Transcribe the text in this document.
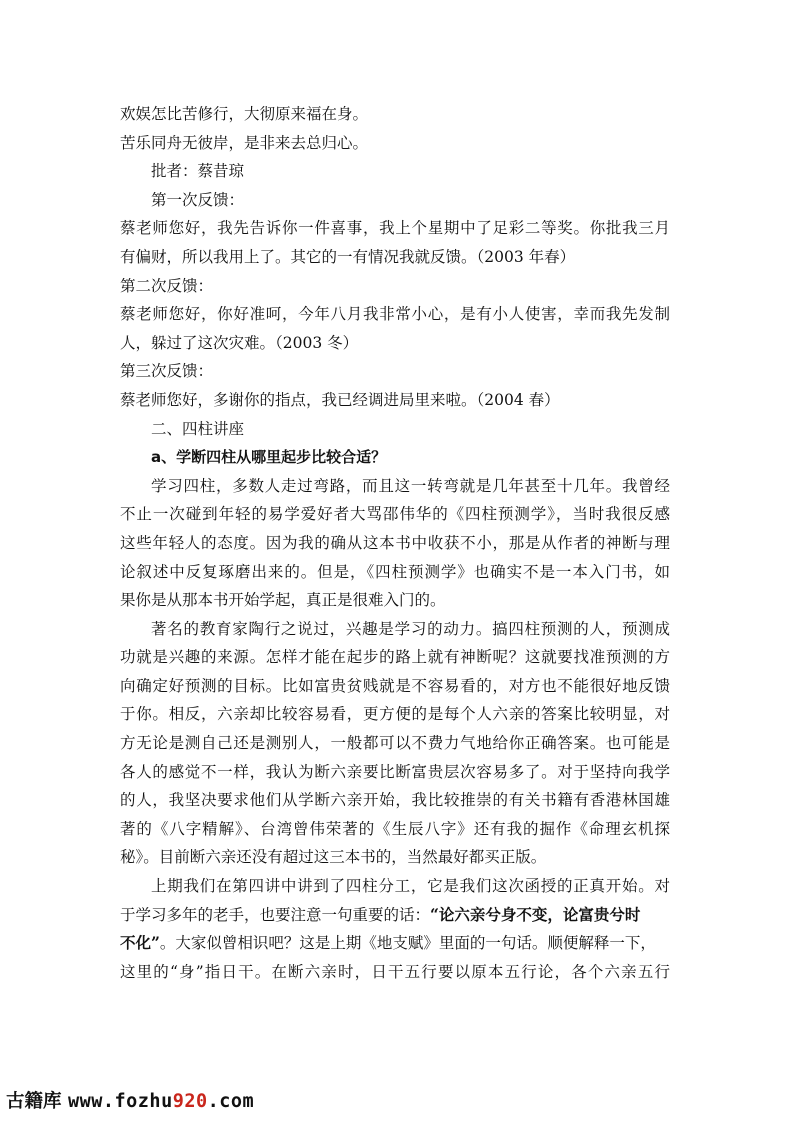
欢娱怎比苦修行，大彻原来福在身。
苦乐同舟无彼岸，是非来去总归心。
批者：蔡昔琼
第一次反馈：
蔡老师您好，我先告诉你一件喜事，我上个星期中了足彩二等奖。你批我三月
有偏财，所以我用上了。其它的一有情况我就反馈。（2003 年春）
第二次反馈：
蔡老师您好，你好准呵，今年八月我非常小心，是有小人使害，幸而我先发制
人，躲过了这次灾难。（2003 冬）
第三次反馈：
蔡老师您好，多谢你的指点，我已经调进局里来啦。（2004 春）
二、四柱讲座
a、学断四柱从哪里起步比较合适？
学习四柱，多数人走过弯路，而且这一转弯就是几年甚至十几年。我曾经
不止一次碰到年轻的易学爱好者大骂邵伟华的《四柱预测学》，当时我很反感
这些年轻人的态度。因为我的确从这本书中收获不小，那是从作者的神断与理
论叙述中反复琢磨出来的。但是，《四柱预测学》也确实不是一本入门书，如
果你是从那本书开始学起，真正是很难入门的。
著名的教育家陶行之说过，兴趣是学习的动力。搞四柱预测的人，预测成
功就是兴趣的来源。怎样才能在起步的路上就有神断呢？这就要找准预测的方
向确定好预测的目标。比如富贵贫贱就是不容易看的，对方也不能很好地反馈
于你。相反，六亲却比较容易看，更方便的是每个人六亲的答案比较明显，对
方无论是测自己还是测别人，一般都可以不费力气地给你正确答案。也可能是
各人的感觉不一样，我认为断六亲要比断富贵层次容易多了。对于坚持向我学
的人，我坚决要求他们从学断六亲开始，我比较推崇的有关书籍有香港林国雄
著的《八字精解》、台湾曾伟荣著的《生辰八字》还有我的掘作《命理玄机探
秘》。目前断六亲还没有超过这三本书的，当然最好都买正版。
上期我们在第四讲中讲到了四柱分工，它是我们这次函授的正真开始。对
于学习多年的老手，也要注意一句重要的话：“论六亲兮身不变，论富贵兮时
不化”。大家似曾相识吧？这是上期《地支赋》里面的一句话。顺便解释一下，
这里的“身”指日干。在断六亲时，日干五行要以原本五行论，各个六亲五行
古籍库 www.fozhu920.com
